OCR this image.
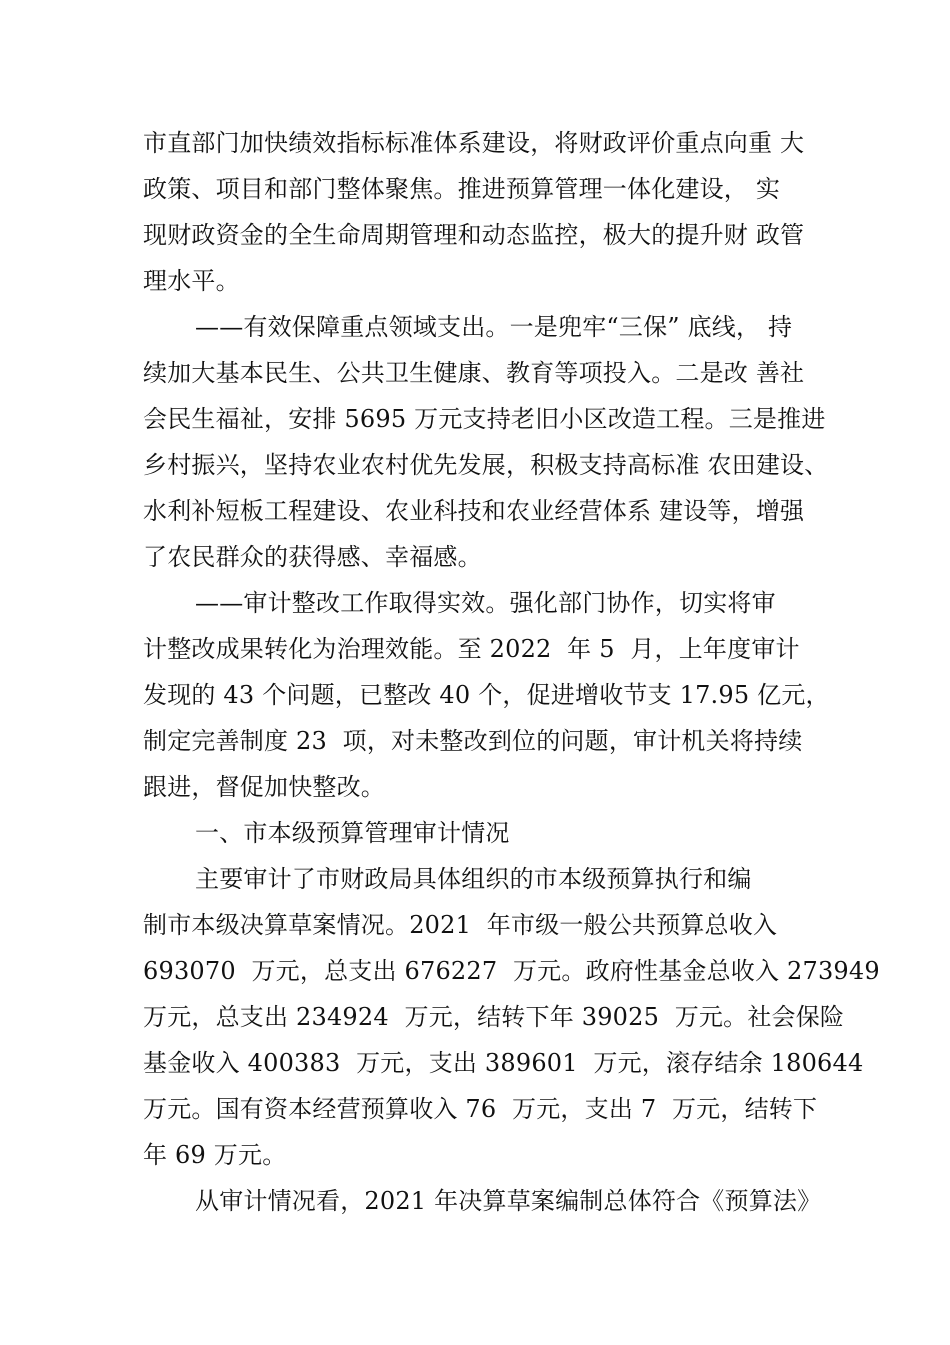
市直部门加快绩效指标标准体系建设，将财政评价重点向重 大
政策、项目和部门整体聚焦。推进预算管理一体化建设， 实
现财政资金的全生命周期管理和动态监控，极大的提升财 政管
理水平。
——有效保障重点领域支出。一是兜牢“三保” 底线， 持
续加大基本民生、公共卫生健康、教育等项投入。二是改 善社
会民生福祉，安排 5695 万元支持老旧小区改造工程。三是推进
乡村振兴，坚持农业农村优先发展，积极支持高标准 农田建设、
水利补短板工程建设、农业科技和农业经营体系 建设等，增强
了农民群众的获得感、幸福感。
——审计整改工作取得实效。强化部门协作，切实将审
计整改成果转化为治理效能。至 2022  年 5  月，上年度审计
发现的 43 个问题，已整改 40 个，促进增收节支 17.95 亿元，
制定完善制度 23  项，对未整改到位的问题，审计机关将持续
跟进，督促加快整改。
一、市本级预算管理审计情况
主要审计了市财政局具体组织的市本级预算执行和编
制市本级决算草案情况。2021  年市级一般公共预算总收入
693070  万元，总支出 676227  万元。政府性基金总收入 273949
万元，总支出 234924  万元，结转下年 39025  万元。社会保险
基金收入 400383  万元，支出 389601  万元，滚存结余 180644
万元。国有资本经营预算收入 76  万元，支出 7  万元，结转下
年 69 万元。
从审计情况看，2021 年决算草案编制总体符合《预算法》
